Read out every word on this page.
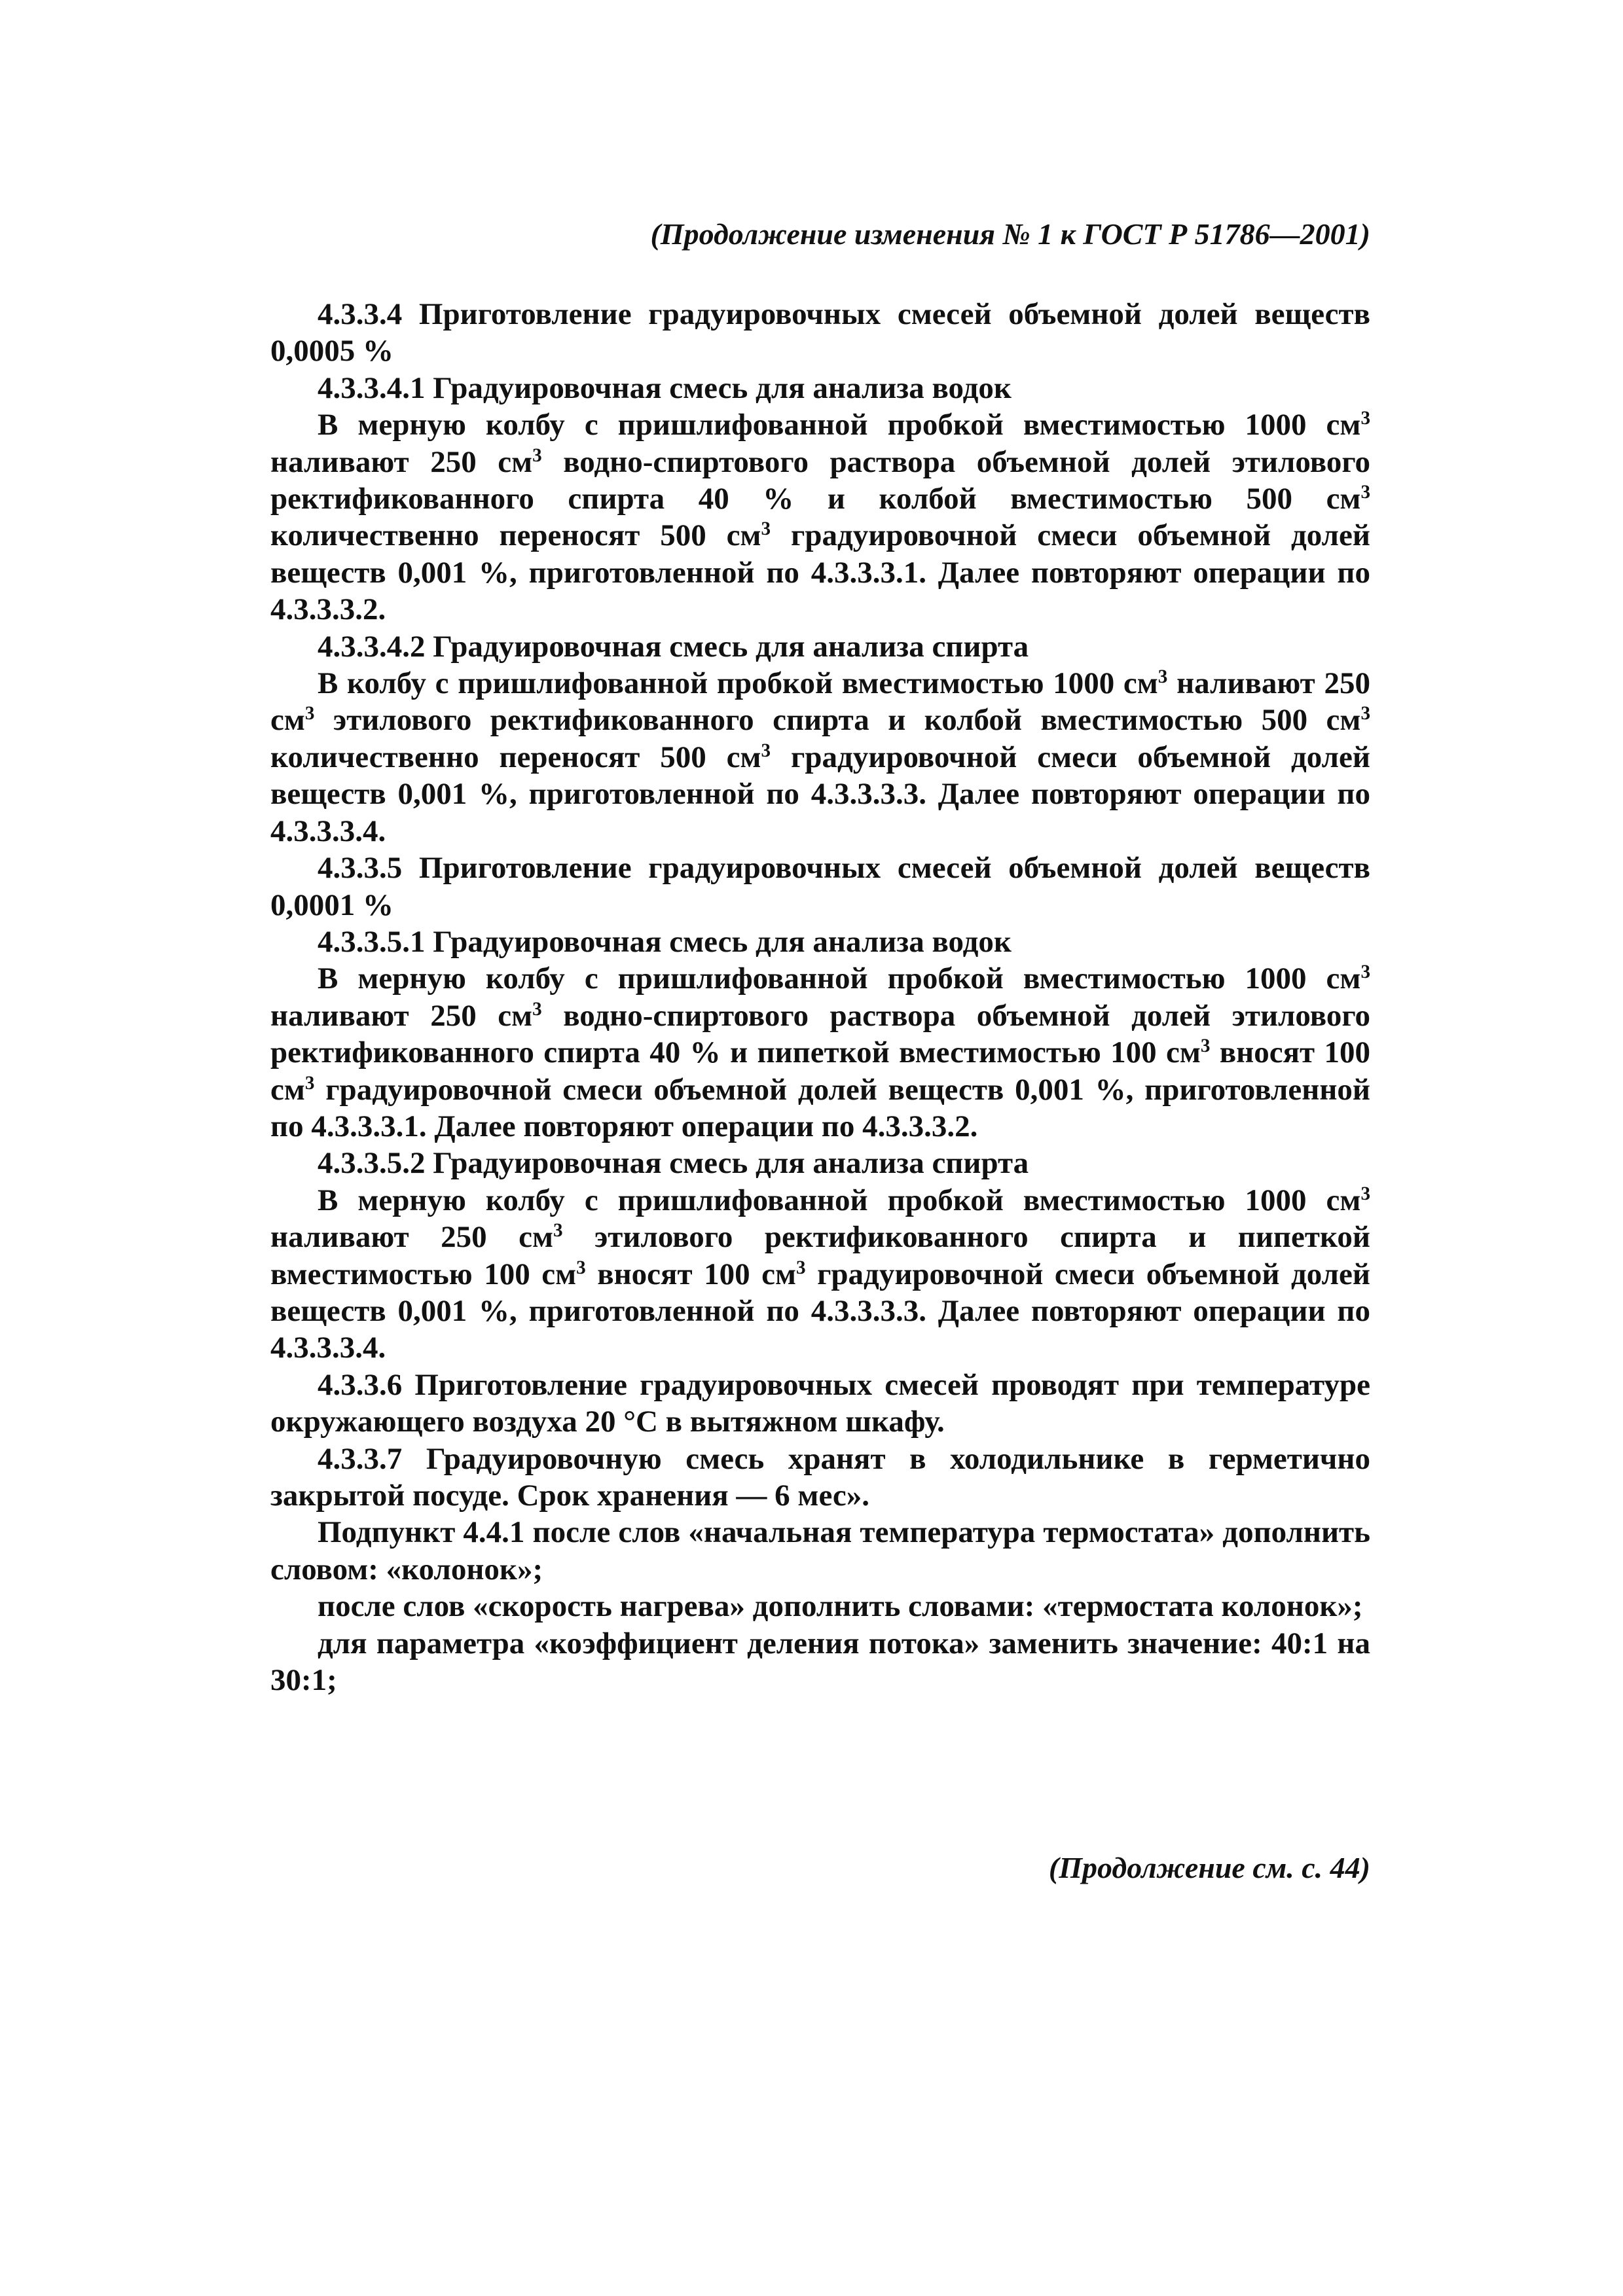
(Продолжение изменения № 1 к ГОСТ Р 51786—2001)

4.3.3.4 Приготовление градуировочных смесей объемной долей веществ 0,0005 %

4.3.3.4.1 Градуировочная смесь для анализа водок

В мерную колбу с пришлифованной пробкой вместимостью 1000 $см^3$ наливают 250 $см^3$ водно-спиртового раствора объемной долей этилового ректификованного спирта 40 % и колбой вместимостью 500 $см^3$ количественно переносят 500 $см^3$ градуировочной смеси объемной долей веществ 0,001 %, приготовленной по 4.3.3.3.1. Далее повторяют операции по 4.3.3.3.2.

4.3.3.4.2 Градуировочная смесь для анализа спирта

В колбу с пришлифованной пробкой вместимостью 1000 $см^3$ наливают 250 $см^3$ этилового ректификованного спирта и колбой вместимостью 500 $см^3$ количественно переносят 500 $см^3$ градуировочной смеси объемной долей веществ 0,001 %, приготовленной по 4.3.3.3.3. Далее повторяют операции по 4.3.3.3.4.

4.3.3.5 Приготовление градуировочных смесей объемной долей веществ 0,0001 %

4.3.3.5.1 Градуировочная смесь для анализа водок

В мерную колбу с пришлифованной пробкой вместимостью 1000 $см^3$ наливают 250 $см^3$ водно-спиртового раствора объемной долей этилового ректификованного спирта 40 % и пипеткой вместимостью 100 $см^3$ вносят 100 $см^3$ градуировочной смеси объемной долей веществ 0,001 %, приготовленной по 4.3.3.3.1. Далее повторяют операции по 4.3.3.3.2.

4.3.3.5.2 Градуировочная смесь для анализа спирта

В мерную колбу с пришлифованной пробкой вместимостью 1000 $см^3$ наливают 250 $см^3$ этилового ректификованного спирта и пипеткой вместимостью 100 $см^3$ вносят 100 $см^3$ градуировочной смеси объемной долей веществ 0,001 %, приготовленной по 4.3.3.3.3. Далее повторяют операции по 4.3.3.3.4.

4.3.3.6 Приготовление градуировочных смесей проводят при температуре окружающего воздуха 20 °С в вытяжном шкафу.

4.3.3.7 Градуировочную смесь хранят в холодильнике в герметично закрытой посуде. Срок хранения — 6 мес».

Подпункт 4.4.1 после слов «начальная температура термостата» дополнить словом: «колонок»;

после слов «скорость нагрева» дополнить словами: «термостата колонок»;

для параметра «коэффициент деления потока» заменить значение: 40:1 на 30:1;

(Продолжение см. с. 44)
